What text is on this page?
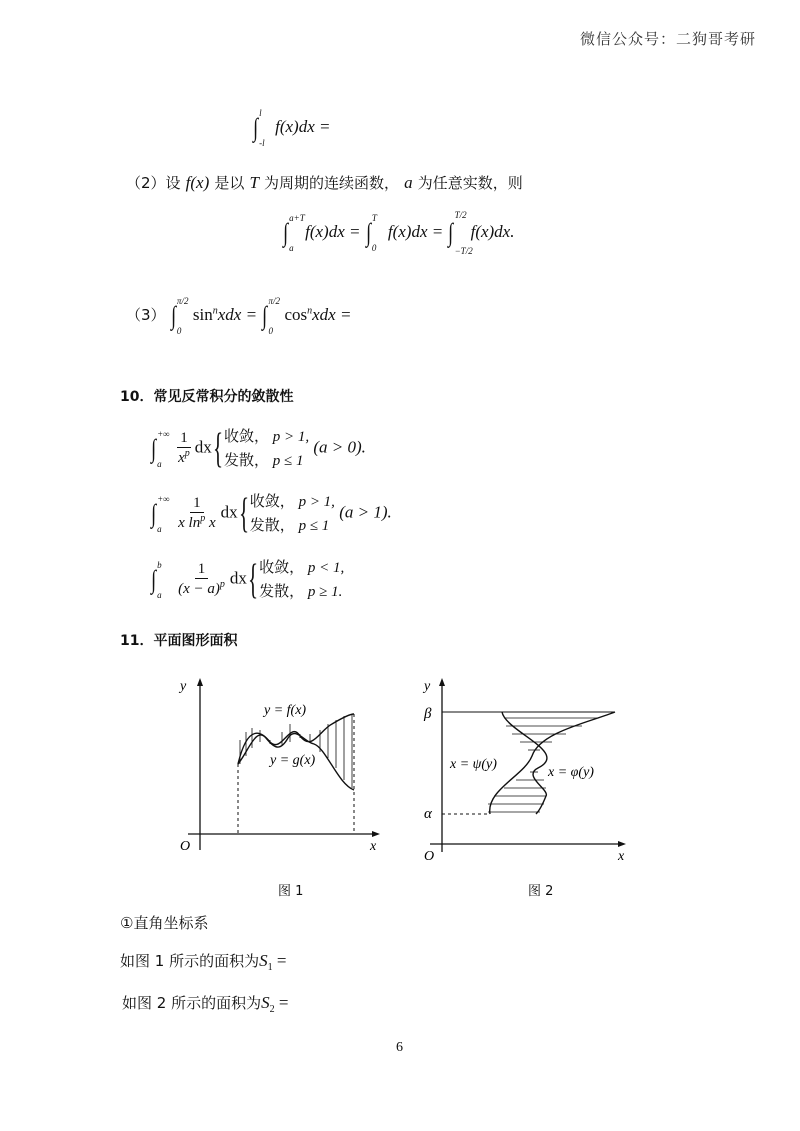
微信公众号：二狗哥考研
∫ l
-l
f(x)dx =
（2）设 f(x) 是以 T 为周期的连续函数， a 为任意实数，则
∫ a+T
a
f(x)dx = ∫ T
0
f(x)dx = ∫
T/2
−T/2
f(x)dx.
（3） ∫ π/2
0
$\sin^nxdx$ = ∫ π/2
0
$\cos^nxdx$ =
10．常见反常积分的敛散性
∫ +∞
a $\frac{1}{x^p} dx${ 收敛， p > 1,
发散， p ≤ 1
(a > 0).
∫ +∞
a $\frac{1}{x \ln^p x} dx${ 收敛， p > 1,
发散， p ≤ 1
(a > 1).
∫ b
a $\frac{1}{(x - a)^p} dx${ 收敛， p < 1,
发散， p ≥ 1.
11．平面图形面积
y
x
O
y = f(x)
y = g(x)
图 1
y
x
O
β
α
x = ψ(y)
x = φ(y)
图 2
①直角坐标系
如图 1 所示的面积为$S_1$ =
如图 2 所示的面积为$S_2$ =
6
